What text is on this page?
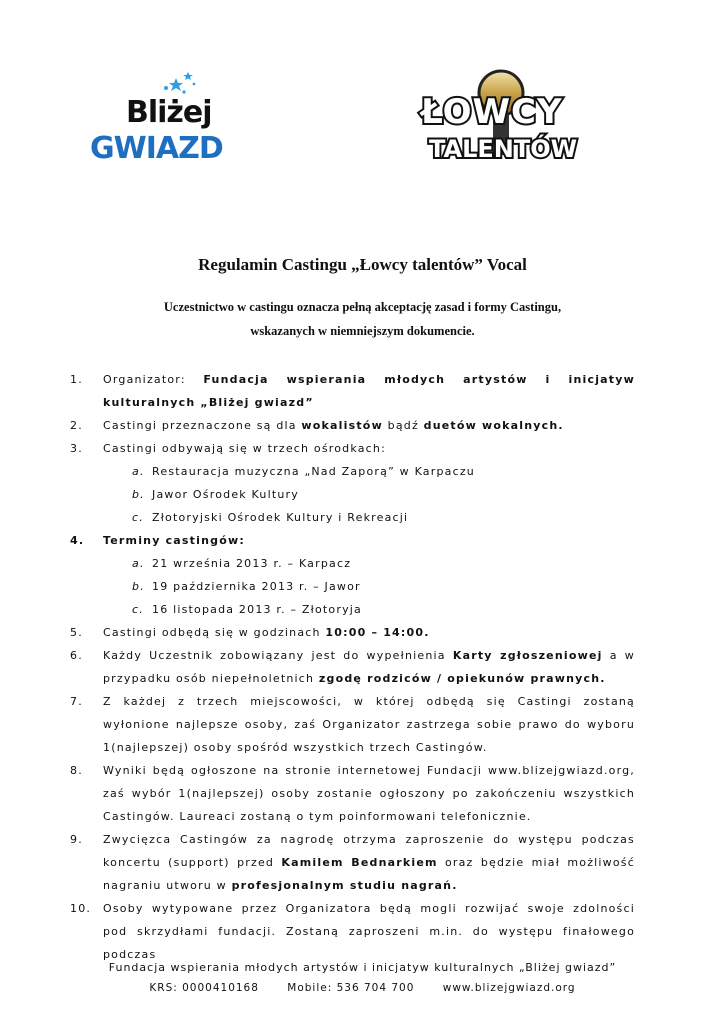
Bliżej
GWIAZD
ŁOWCY
TALENTÓW
Regulamin Castingu „Łowcy talentów” Vocal
Uczestnictwo w castingu oznacza pełną akceptację zasad i formy Castingu,
wskazanych w niemniejszym dokumencie.
1.	Organizator: Fundacja wspierania młodych artystów i inicjatyw kulturalnych „Bliżej gwiazd”
2.	Castingi przeznaczone są dla wokalistów bądź duetów wokalnych.
3.	Castingi odbywają się w trzech ośrodkach:
a. Restauracja muzyczna „Nad Zaporą” w Karpaczu
b. Jawor Ośrodek Kultury
c. Złotoryjski Ośrodek Kultury i Rekreacji
4.	Terminy castingów:
a. 21 września 2013 r. – Karpacz
b. 19 października 2013 r. – Jawor
c. 16 listopada 2013 r. – Złotoryja
5.	Castingi odbędą się w godzinach 10:00 – 14:00.
6.	Każdy Uczestnik zobowiązany jest do wypełnienia Karty zgłoszeniowej a w przypadku osób niepełnoletnich zgodę rodziców / opiekunów prawnych.
7.	Z każdej z trzech miejscowości, w której odbędą się Castingi zostaną wyłonione najlepsze osoby, zaś Organizator zastrzega sobie prawo do wyboru 1(najlepszej) osoby spośród wszystkich trzech Castingów.
8.	Wyniki będą ogłoszone na stronie internetowej Fundacji www.blizejgwiazd.org, zaś wybór 1(najlepszej) osoby zostanie ogłoszony po zakończeniu wszystkich Castingów. Laureaci zostaną o tym poinformowani telefonicznie.
9.	Zwycięzca Castingów za nagrodę otrzyma zaproszenie do występu podczas koncertu (support) przed Kamilem Bednarkiem oraz będzie miał możliwość nagraniu utworu w profesjonalnym studiu nagrań.
10.	Osoby wytypowane przez Organizatora będą mogli rozwijać swoje zdolności pod skrzydłami fundacji. Zostaną zaproszeni m.in. do występu finałowego podczas
Fundacja wspierania młodych artystów i inicjatyw kulturalnych „Bliżej gwiazd”
KRS: 0000410168	Mobile: 536 704 700	www.blizejgwiazd.org
